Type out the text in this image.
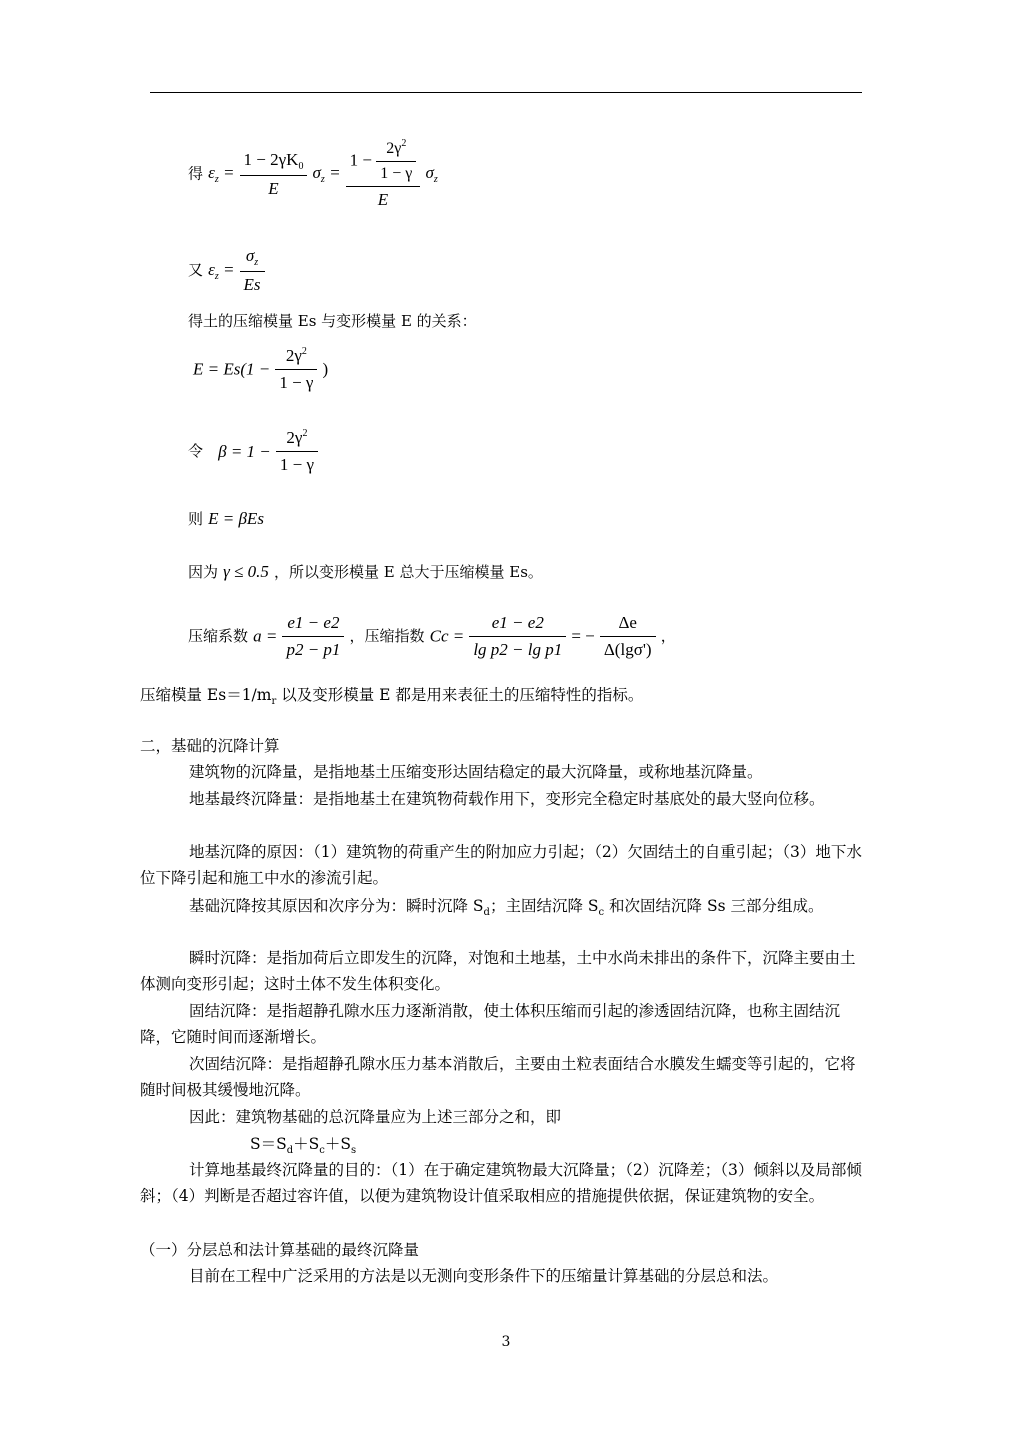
得 $\varepsilon_z = \frac{1 - 2\gamma K_0}{E} \sigma_z = \frac{1 - \frac{2\gamma^2}{1 - \gamma}}{E} \sigma_z$
又 $\varepsilon_z = \frac{\sigma_z}{Es}$
得土的压缩模量 Es 与变形模量 E 的关系：
$E = Es(1 - \frac{2\gamma^2}{1 - \gamma}$ )
令 $\beta = 1 - \frac{2\gamma^2}{1 - \gamma}$
则 E = βEs
因为 γ ≤ 0.5 ，所以变形模量 E 总大于压缩模量 Es。
压缩系数 $a = \frac{e1 - e2}{p2 - p1}$ ，压缩指数 $Cc = \frac{e1 - e2}{\text{lg p2 − lg p1}}$ = − $\frac{\Delta e}{\Delta(\lg\sigma')}$ ，
压缩模量 $Es=1/m_r$ 以及变形模量 E 都是用来表征土的压缩特性的指标。
二，基础的沉降计算
建筑物的沉降量，是指地基土压缩变形达固结稳定的最大沉降量，或称地基沉降量。
地基最终沉降量：是指地基土在建筑物荷载作用下，变形完全稳定时基底处的最大竖向位移。
地基沉降的原因：（1）建筑物的荷重产生的附加应力引起；（2）欠固结土的自重引起；（3）地下水位下降引起和施工中水的渗流引起。
基础沉降按其原因和次序分为：瞬时沉降 $S_d$；主固结沉降 $S_c$ 和次固结沉降 Ss 三部分组成。
瞬时沉降：是指加荷后立即发生的沉降，对饱和土地基，土中水尚未排出的条件下，沉降主要由土体测向变形引起；这时土体不发生体积变化。
固结沉降：是指超静孔隙水压力逐渐消散，使土体积压缩而引起的渗透固结沉降，也称主固结沉降，它随时间而逐渐增长。
次固结沉降：是指超静孔隙水压力基本消散后，主要由土粒表面结合水膜发生蠕变等引起的，它将随时间极其缓慢地沉降。
因此：建筑物基础的总沉降量应为上述三部分之和，即
$S=S_d+S_c+S_s$
计算地基最终沉降量的目的：（1）在于确定建筑物最大沉降量；（2）沉降差；（3）倾斜以及局部倾斜；（4）判断是否超过容许值，以便为建筑物设计值采取相应的措施提供依据，保证建筑物的安全。
（一）分层总和法计算基础的最终沉降量
目前在工程中广泛采用的方法是以无测向变形条件下的压缩量计算基础的分层总和法。
3
